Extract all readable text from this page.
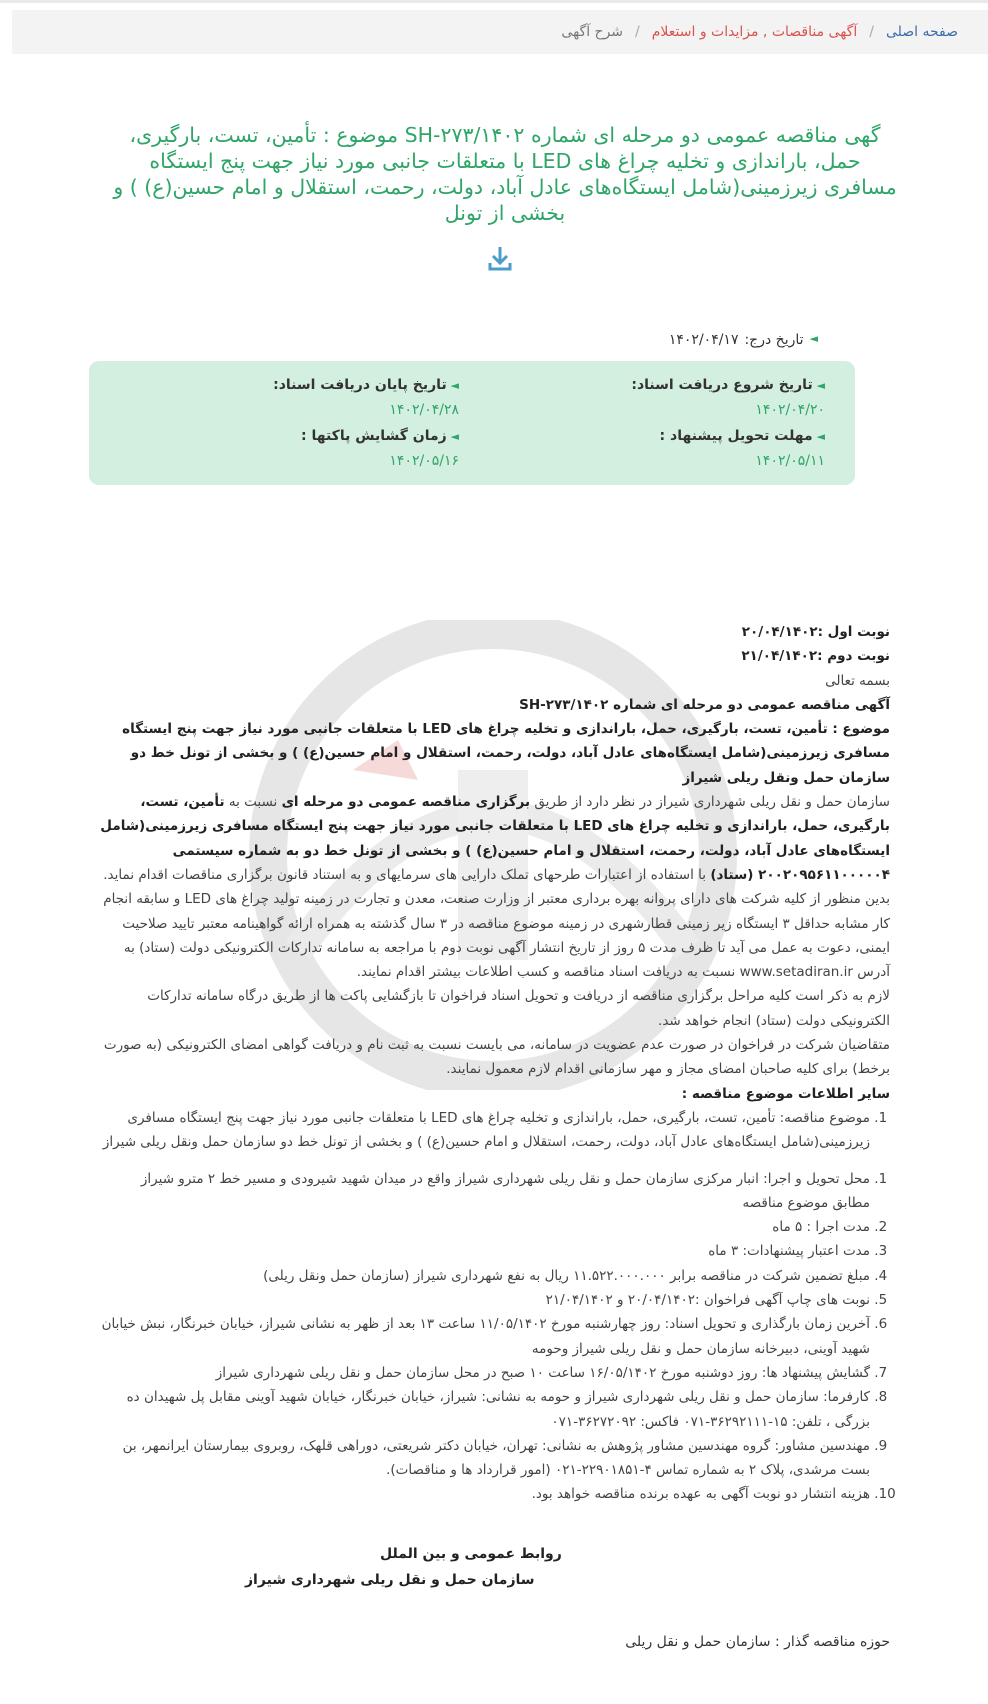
صفحه اصلی
/
آگهی مناقصات , مزایدات و استعلام
/
شرح آگهی
گهی مناقصه عمومی دو مرحله ای شماره SH-۲۷۳/۱۴۰۲ موضوع : تأمین، تست، بارگیری، حمل، باراندازی و تخلیه چراغ های LED با متعلقات جانبی مورد نیاز جهت پنج ایستگاه مسافری زیرزمینی(شامل ایستگاه‌های عادل آباد، دولت، رحمت، استقلال و امام حسین(ع) ) و بخشی از تونل
◄
تاریخ درج:
۱۴۰۲/۰۴/۱۷
◄ تاریخ شروع دریافت اسناد:
۱۴۰۲/۰۴/۲۰
◄ تاریخ پایان دریافت اسناد:
۱۴۰۲/۰۴/۲۸
◄ مهلت تحویل پیشنهاد :
۱۴۰۲/۰۵/۱۱
◄ زمان گشایش پاکتها :
۱۴۰۲/۰۵/۱۶

نوبت اول :۲۰/۰۴/۱۴۰۲

نوبت دوم :۲۱/۰۴/۱۴۰۲

بسمه تعالی

آگهی مناقصه عمومی دو مرحله ای شماره SH-۲۷۳/۱۴۰۲

موضوع : تأمین، تست، بارگیری، حمل، باراندازی و تخلیه چراغ های LED با متعلقات جانبی مورد نیاز جهت پنج ایستگاه مسافری زیرزمینی(شامل ایستگاه‌های عادل آباد، دولت، رحمت، استقلال و امام حسین(ع) ) و بخشی از تونل خط دو سازمان حمل ونقل ریلی شیراز

سازمان حمل و نقل ریلی شهرداری شیراز در نظر دارد از طریق برگزاری مناقصه عمومی دو مرحله ای نسبت به تأمین، تست، بارگیری، حمل، باراندازی و تخلیه چراغ های LED با متعلقات جانبی مورد نیاز جهت پنج ایستگاه مسافری زیرزمینی(شامل ایستگاه‌های عادل آباد، دولت، رحمت، استقلال و امام حسین(ع) ) و بخشی از تونل خط دو به شماره سیستمی ۲۰۰۲۰۹۵۶۱۱۰۰۰۰۰۴ (ستاد) با استفاده از اعتبارات طرحهای تملک دارایی های سرمایهای و به استناد قانون برگزاری مناقصات اقدام نماید.

بدین منظور از کلیه شرکت های دارای پروانه بهره برداری معتبر از وزارت صنعت، معدن و تجارت در زمینه تولید چراغ های LED و سابقه انجام کار مشابه حداقل ۳ ایستگاه زیر زمینی قطارشهری در زمینه موضوع مناقصه در ۳ سال گذشته به همراه ارائه گواهینامه معتبر تایید صلاحیت ایمنی، دعوت به عمل می آید تا ظرف مدت ۵ روز از تاریخ انتشار آگهی نوبت دوم با مراجعه به سامانه تدارکات الکترونیکی دولت (ستاد) به آدرس www.setadiran.ir نسبت به دریافت اسناد مناقصه و کسب اطلاعات بیشتر اقدام نمایند.

لازم به ذکر است کلیه مراحل برگزاری مناقصه از دریافت و تحویل اسناد فراخوان تا بازگشایی پاکت ها از طریق درگاه سامانه تدارکات الکترونیکی دولت (ستاد) انجام خواهد شد.

متقاضیان شرکت در فراخوان در صورت عدم عضویت در سامانه، می بایست نسبت به ثبت نام و دریافت گواهی امضای الکترونیکی (به صورت برخط) برای کلیه صاحبان امضای مجاز و مهر سازمانی اقدام لازم معمول نمایند.

سایر اطلاعات موضوع مناقصه :

1. موضوع مناقصه: تأمین، تست، بارگیری، حمل، باراندازی و تخلیه چراغ های LED با متعلقات جانبی مورد نیاز جهت پنج ایستگاه مسافری زیرزمینی(شامل ایستگاه‌های عادل آباد، دولت، رحمت، استقلال و امام حسین(ع) ) و بخشی از تونل خط دو سازمان حمل ونقل ریلی شیراز
1. محل تحویل و اجرا: انبار مرکزی سازمان حمل و نقل ریلی شهرداری شیراز واقع در میدان شهید شیرودی و مسیر خط ۲ مترو شیراز مطابق موضوع مناقصه
2. مدت اجرا : ۵ ماه
3. مدت اعتبار پیشنهادات: ۳ ماه
4. مبلغ تضمین شرکت در مناقصه برابر ۱۱.۵۲۲.۰۰۰.۰۰۰ ریال به نفع شهرداری شیراز (سازمان حمل ونقل ریلی)
5. نوبت های چاپ آگهی فراخوان :۲۰/۰۴/۱۴۰۲ و ۲۱/۰۴/۱۴۰۲
6. آخرین زمان بارگذاری و تحویل اسناد: روز چهارشنبه مورخ ۱۱/۰۵/۱۴۰۲ ساعت ۱۳ بعد از ظهر به نشانی شیراز، خیابان خبرنگار، نبش خیابان شهید آوینی، دبیرخانه سازمان حمل و نقل ریلی شیراز وحومه
7. گشایش پیشنهاد ها: روز دوشنبه مورخ ۱۶/۰۵/۱۴۰۲ ساعت ۱۰ صبح در محل سازمان حمل و نقل ریلی شهرداری شیراز
8. کارفرما: سازمان حمل و نقل ریلی شهرداری شیراز و حومه به نشانی: شیراز، خیابان خبرنگار، خیابان شهید آوینی مقابل پل شهیدان ده بزرگی ، تلفن: ۱۵-۳۶۲۹۲۱۱۱-۰۷۱ فاکس: ۳۶۲۷۲۰۹۲-۰۷۱
9. مهندسین مشاور: گروه مهندسین مشاور پژوهش به نشانی: تهران، خیابان دکتر شریعتی، دوراهی قلهک، روبروی بیمارستان ایرانمهر، بن بست مرشدی، پلاک ۲ به شماره تماس ۴-۲۲۹۰۱۸۵۱-۰۲۱ (امور قرارداد ها و مناقصات).
10. هزینه انتشار دو نوبت آگهی به عهده برنده مناقصه خواهد بود.
روابط عمومی و بین الملل
سازمان حمل و نقل ریلی شهرداری شیراز
حوزه مناقصه گذار : سازمان حمل و نقل ریلی
